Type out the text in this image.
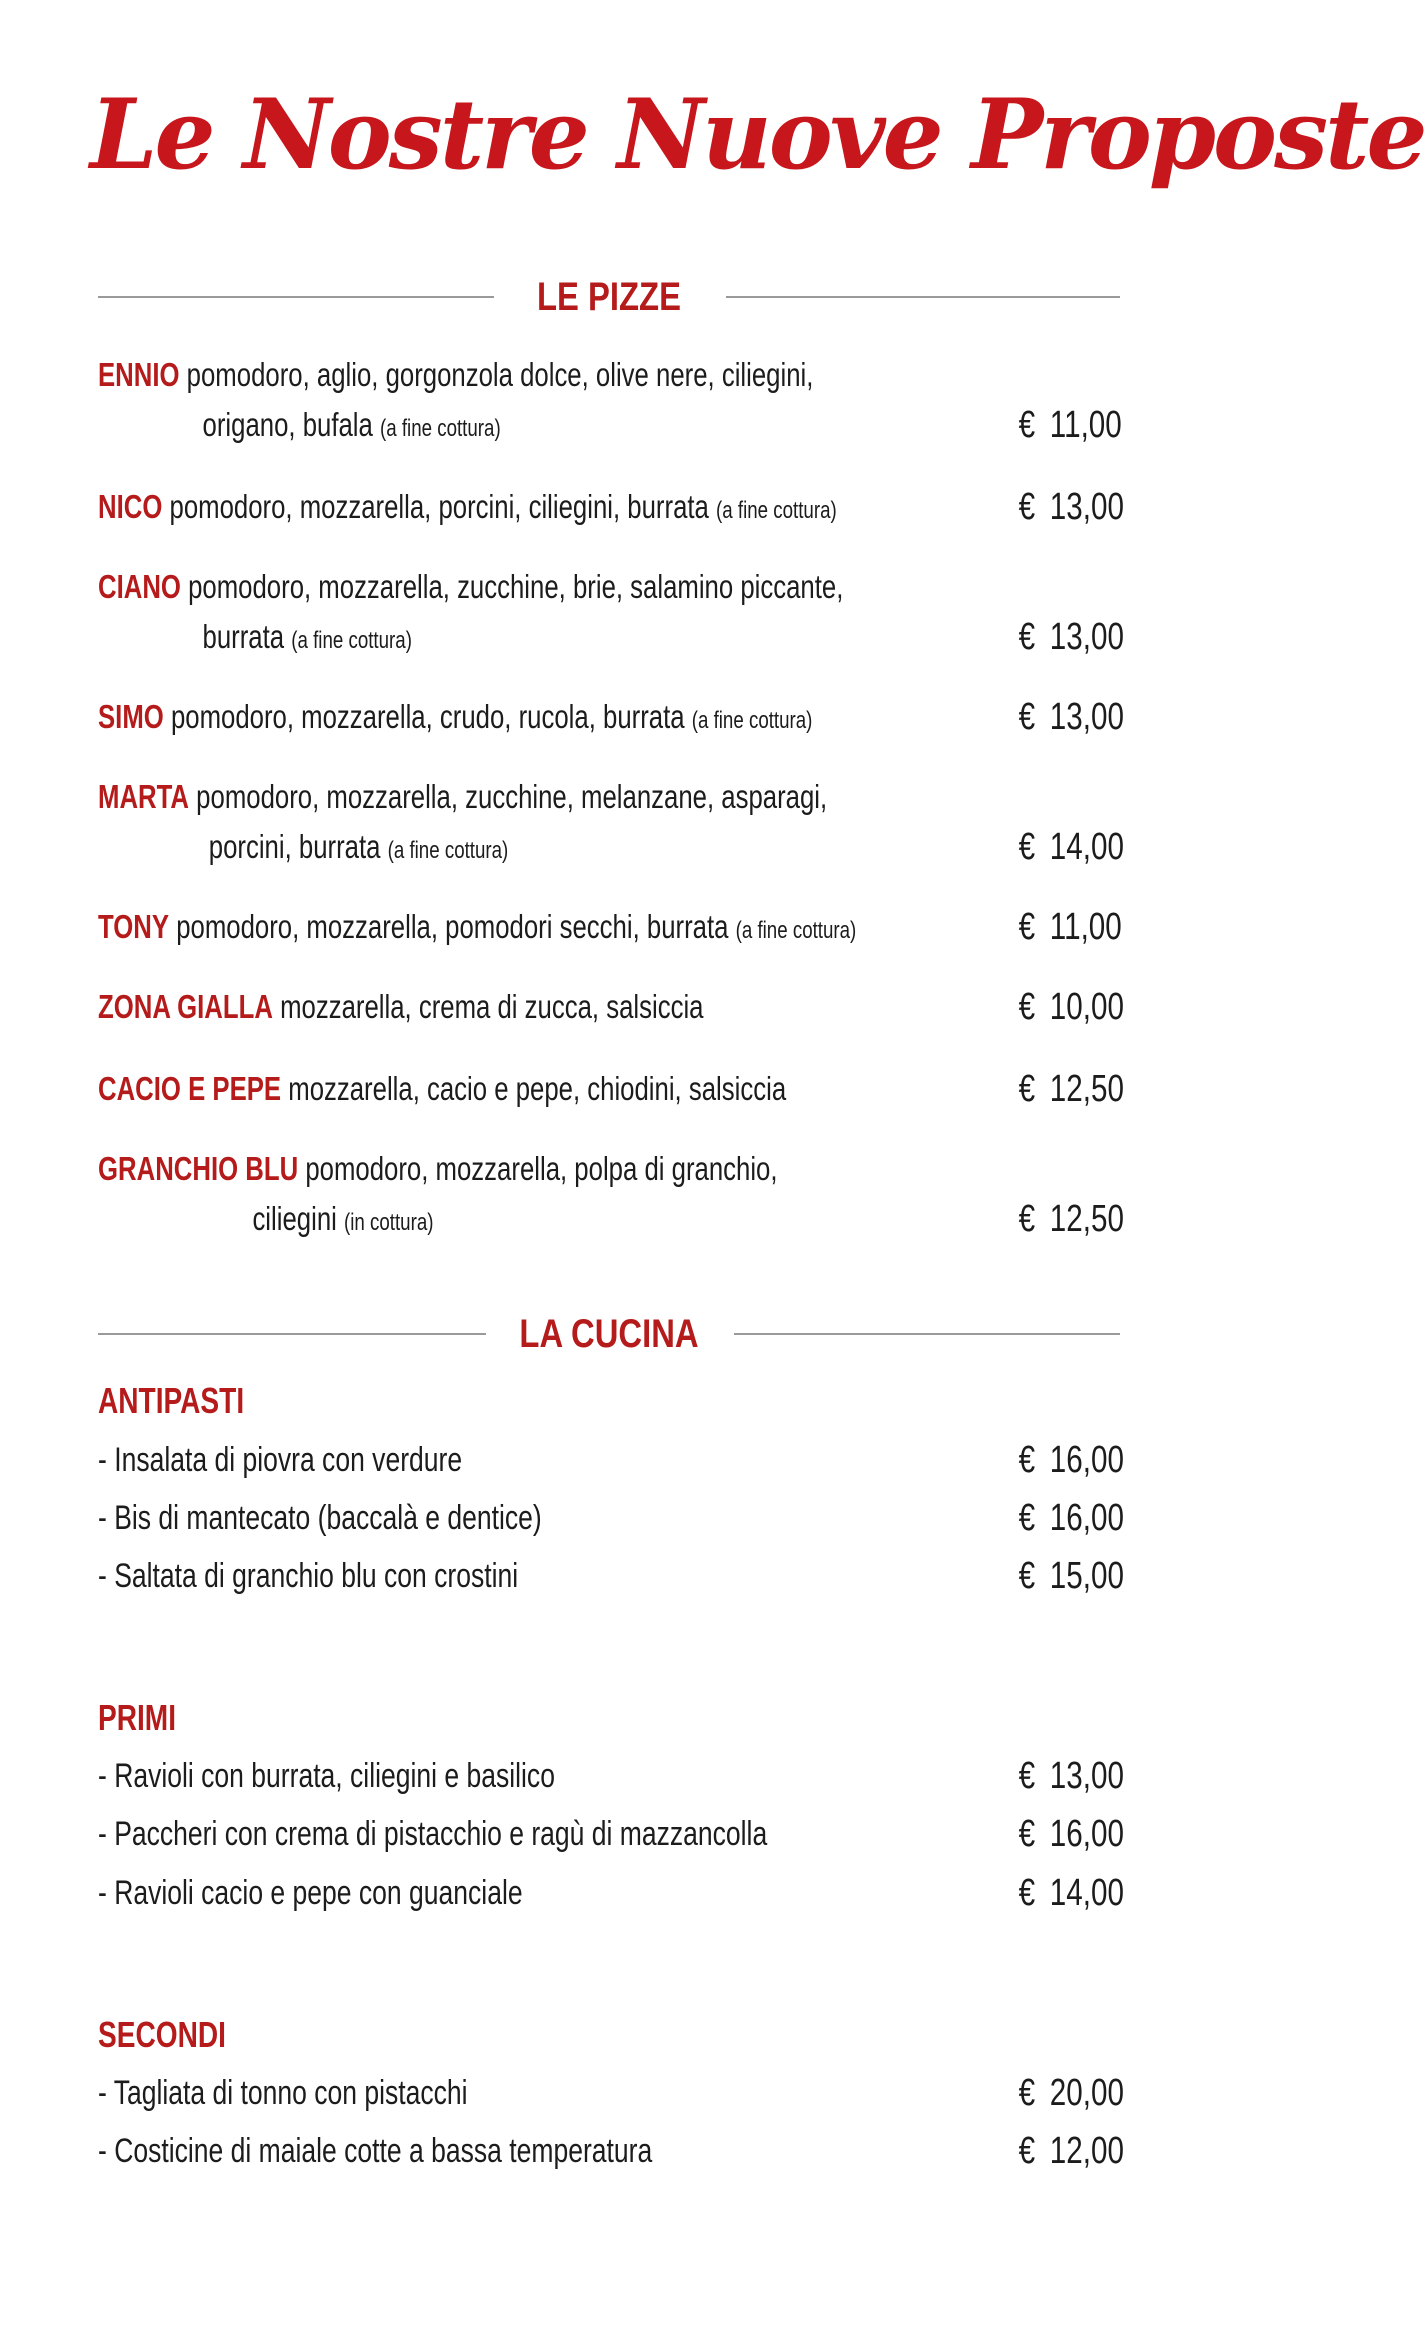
Le Nostre Nuove Proposte
LE PIZZE
ENNIO pomodoro, aglio, gorgonzola dolce, olive nere, ciliegini,
origano, bufala (a fine cottura)	€ 11,00
NICO pomodoro, mozzarella, porcini, ciliegini, burrata (a fine cottura)	€ 13,00
CIANO pomodoro, mozzarella, zucchine, brie, salamino piccante,
burrata (a fine cottura)	€ 13,00
SIMO pomodoro, mozzarella, crudo, rucola, burrata (a fine cottura)	€ 13,00
MARTA pomodoro, mozzarella, zucchine, melanzane, asparagi,
porcini, burrata (a fine cottura)	€ 14,00
TONY pomodoro, mozzarella, pomodori secchi, burrata (a fine cottura)	€ 11,00
ZONA GIALLA mozzarella, crema di zucca, salsiccia	€ 10,00
CACIO E PEPE mozzarella, cacio e pepe, chiodini, salsiccia	€ 12,50
GRANCHIO BLU pomodoro, mozzarella, polpa di granchio,
ciliegini (in cottura)	€ 12,50
LA CUCINA
ANTIPASTI
- Insalata di piovra con verdure	€ 16,00
- Bis di mantecato (baccalà e dentice)	€ 16,00
- Saltata di granchio blu con crostini	€ 15,00
PRIMI
- Ravioli con burrata, ciliegini e basilico	€ 13,00
- Paccheri con crema di pistacchio e ragù di mazzancolla	€ 16,00
- Ravioli cacio e pepe con guanciale	€ 14,00
SECONDI
- Tagliata di tonno con pistacchi	€ 20,00
- Costicine di maiale cotte a bassa temperatura	€ 12,00
